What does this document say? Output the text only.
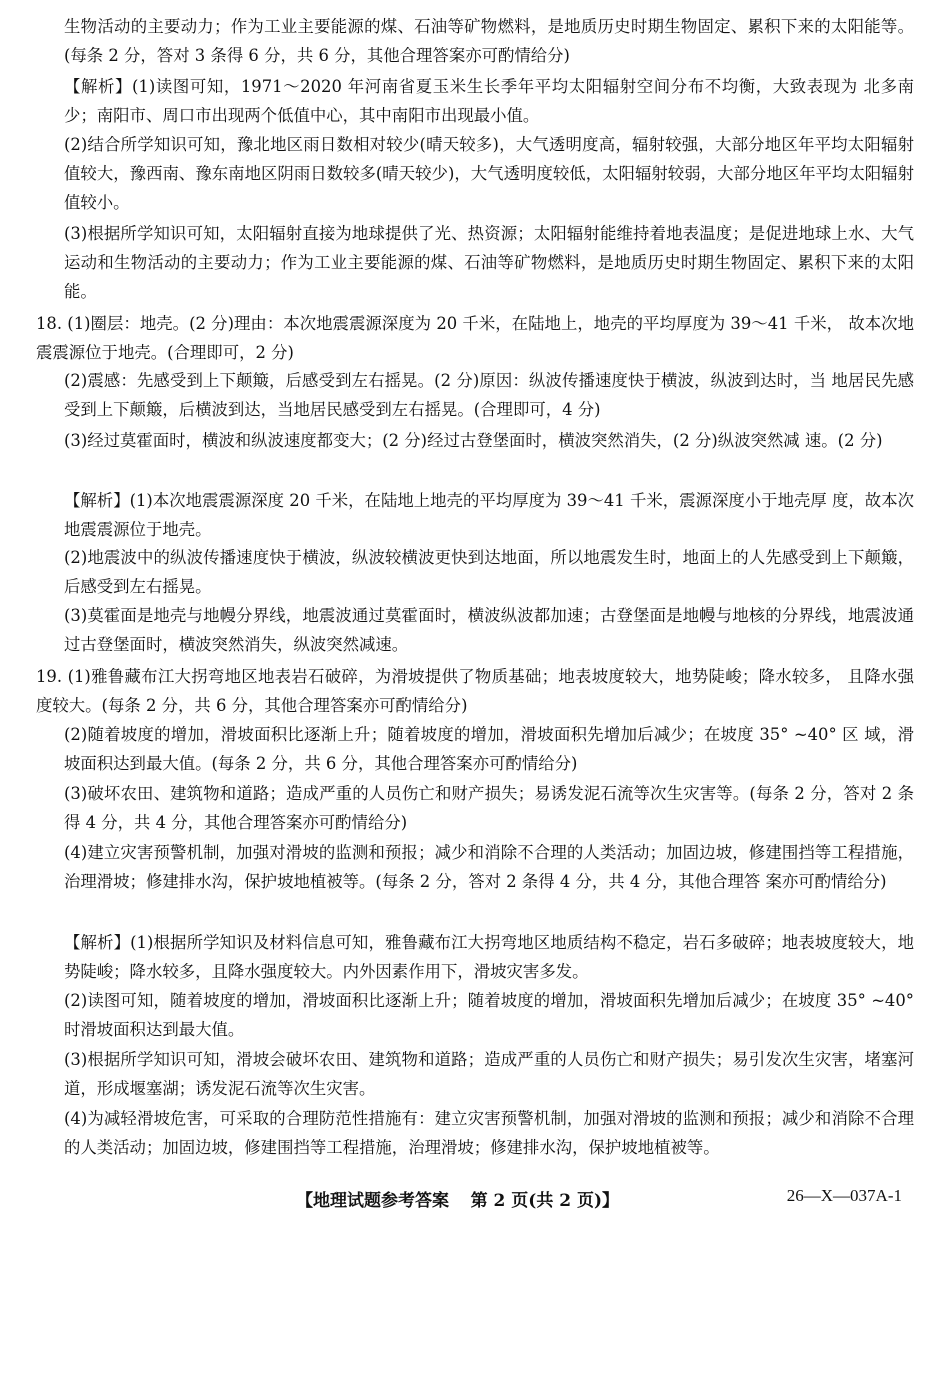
生物活动的主要动力；作为工业主要能源的煤、石油等矿物燃料，是地质历史时期生物固定、累积下来的太阳能等。(每条 2 分，答对 3 条得 6 分，共 6 分，其他合理答案亦可酌情给分)
【解析】(1)读图可知，1971～2020 年河南省夏玉米生长季年平均太阳辐射空间分布不均衡，大致表现为 北多南少；南阳市、周口市出现两个低值中心，其中南阳市出现最小值。
(2)结合所学知识可知，豫北地区雨日数相对较少(晴天较多)，大气透明度高，辐射较强，大部分地区年平均太阳辐射值较大，豫西南、豫东南地区阴雨日数较多(晴天较少)，大气透明度较低，太阳辐射较弱，大部分地区年平均太阳辐射值较小。
(3)根据所学知识可知，太阳辐射直接为地球提供了光、热资源；太阳辐射能维持着地表温度；是促进地球上水、大气运动和生物活动的主要动力；作为工业主要能源的煤、石油等矿物燃料，是地质历史时期生物固定、累积下来的太阳能。
18. (1)圈层：地壳。(2 分)理由：本次地震震源深度为 20 千米，在陆地上，地壳的平均厚度为 39～41 千米， 故本次地震震源位于地壳。(合理即可，2 分)
(2)震感：先感受到上下颠簸，后感受到左右摇晃。(2 分)原因：纵波传播速度快于横波，纵波到达时，当 地居民先感受到上下颠簸，后横波到达，当地居民感受到左右摇晃。(合理即可，4 分)
(3)经过莫霍面时，横波和纵波速度都变大；(2 分)经过古登堡面时，横波突然消失，(2 分)纵波突然减 速。(2 分)
【解析】(1)本次地震震源深度 20 千米，在陆地上地壳的平均厚度为 39～41 千米，震源深度小于地壳厚 度，故本次地震震源位于地壳。
(2)地震波中的纵波传播速度快于横波，纵波较横波更快到达地面，所以地震发生时，地面上的人先感受到上下颠簸，后感受到左右摇晃。
(3)莫霍面是地壳与地幔分界线，地震波通过莫霍面时，横波纵波都加速；古登堡面是地幔与地核的分界线，地震波通过古登堡面时，横波突然消失，纵波突然减速。
19. (1)雅鲁藏布江大拐弯地区地表岩石破碎，为滑坡提供了物质基础；地表坡度较大，地势陡峻；降水较多， 且降水强度较大。(每条 2 分，共 6 分，其他合理答案亦可酌情给分)
(2)随着坡度的增加，滑坡面积比逐渐上升；随着坡度的增加，滑坡面积先增加后减少；在坡度 35° ~40° 区 域，滑坡面积达到最大值。(每条 2 分，共 6 分，其他合理答案亦可酌情给分)
(3)破坏农田、建筑物和道路；造成严重的人员伤亡和财产损失；易诱发泥石流等次生灾害等。(每条 2 分，答对 2 条得 4 分，共 4 分，其他合理答案亦可酌情给分)
(4)建立灾害预警机制，加强对滑坡的监测和预报；减少和消除不合理的人类活动；加固边坡，修建围挡等工程措施，治理滑坡；修建排水沟，保护坡地植被等。(每条 2 分，答对 2 条得 4 分，共 4 分，其他合理答 案亦可酌情给分)
【解析】(1)根据所学知识及材料信息可知，雅鲁藏布江大拐弯地区地质结构不稳定，岩石多破碎；地表坡度较大，地势陡峻；降水较多，且降水强度较大。内外因素作用下，滑坡灾害多发。
(2)读图可知，随着坡度的增加，滑坡面积比逐渐上升；随着坡度的增加，滑坡面积先增加后减少；在坡度 35° ~40° 时滑坡面积达到最大值。
(3)根据所学知识可知，滑坡会破坏农田、建筑物和道路；造成严重的人员伤亡和财产损失；易引发次生灾害，堵塞河道，形成堰塞湖；诱发泥石流等次生灾害。
(4)为减轻滑坡危害，可采取的合理防范性措施有：建立灾害预警机制，加强对滑坡的监测和预报；减少和消除不合理的人类活动；加固边坡，修建围挡等工程措施，治理滑坡；修建排水沟，保护坡地植被等。
【地理试题参考答案 第 2 页(共 2 页)】	26—X—037A-1
